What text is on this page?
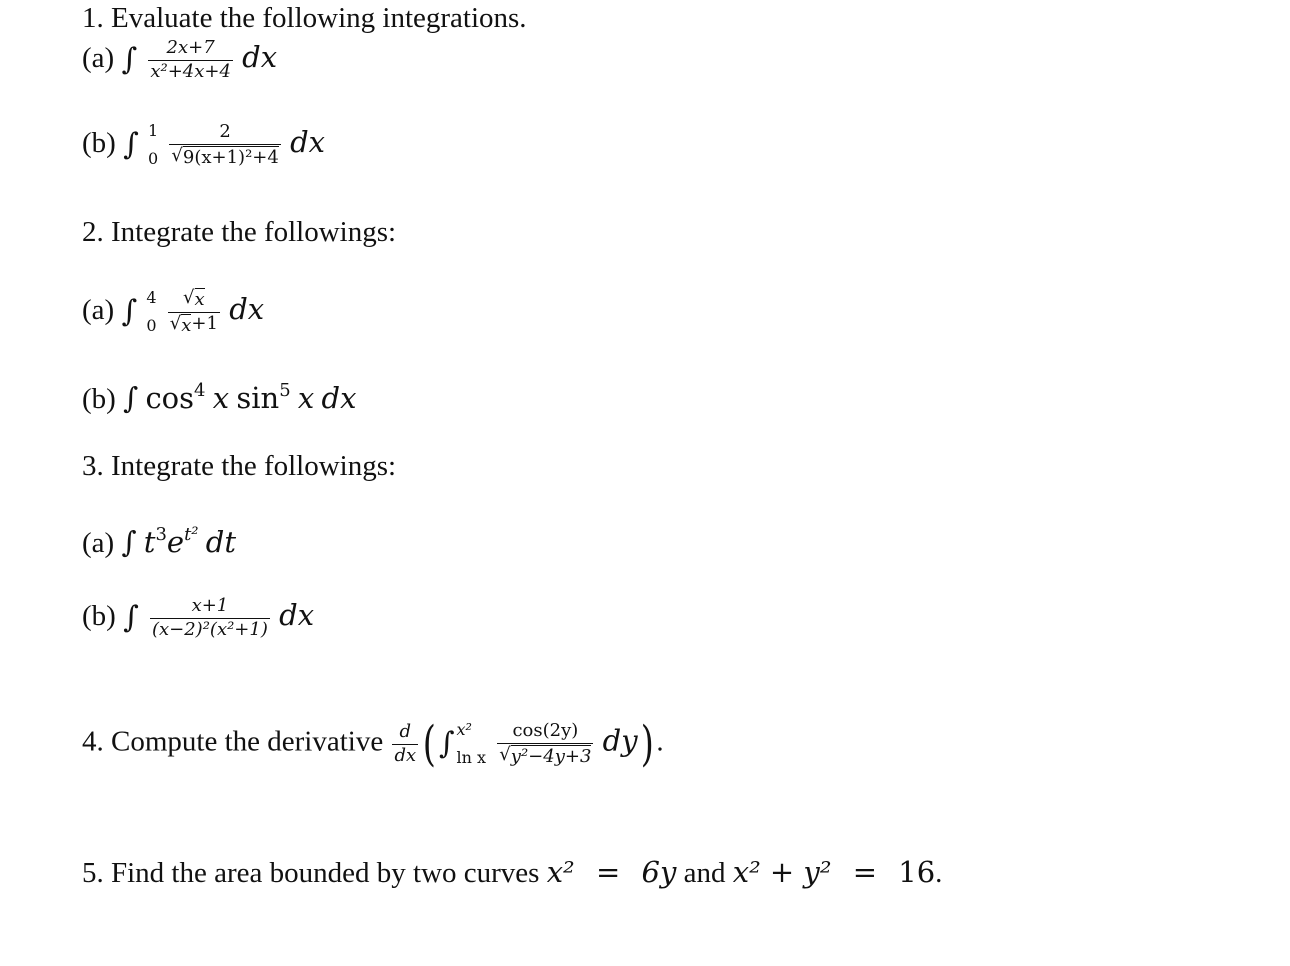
1. Evaluate the following integrations.
(a) ∫ $\frac{2x+7}{\text{x²+4x+4}}$ dx
(b) ∫ 1
0
$\frac{2}{\text{√ 9(x+1)²+4}}$ dx
2. Integrate the followings:
(a) ∫ 4
0
$\frac{√ x}{√ x +1}$ dx
(b) ∫ $\cos^4 x$ $\sin^5 x$ dx
3. Integrate the followings:
(a) ∫ $t^3e^{t^2}$ dt
(b) ∫ $\frac{x+1}{\text{(x−2)²(x²+1)}}$ dx
4. Compute the derivative $\frac{d}{dx}$ (∫ x²
ln x
$\frac{\cos(2y)}{\text{√ y²−4y+3}} dy$).
5. Find the area bounded by two curves x² = 6y and x² + y² = 16.
